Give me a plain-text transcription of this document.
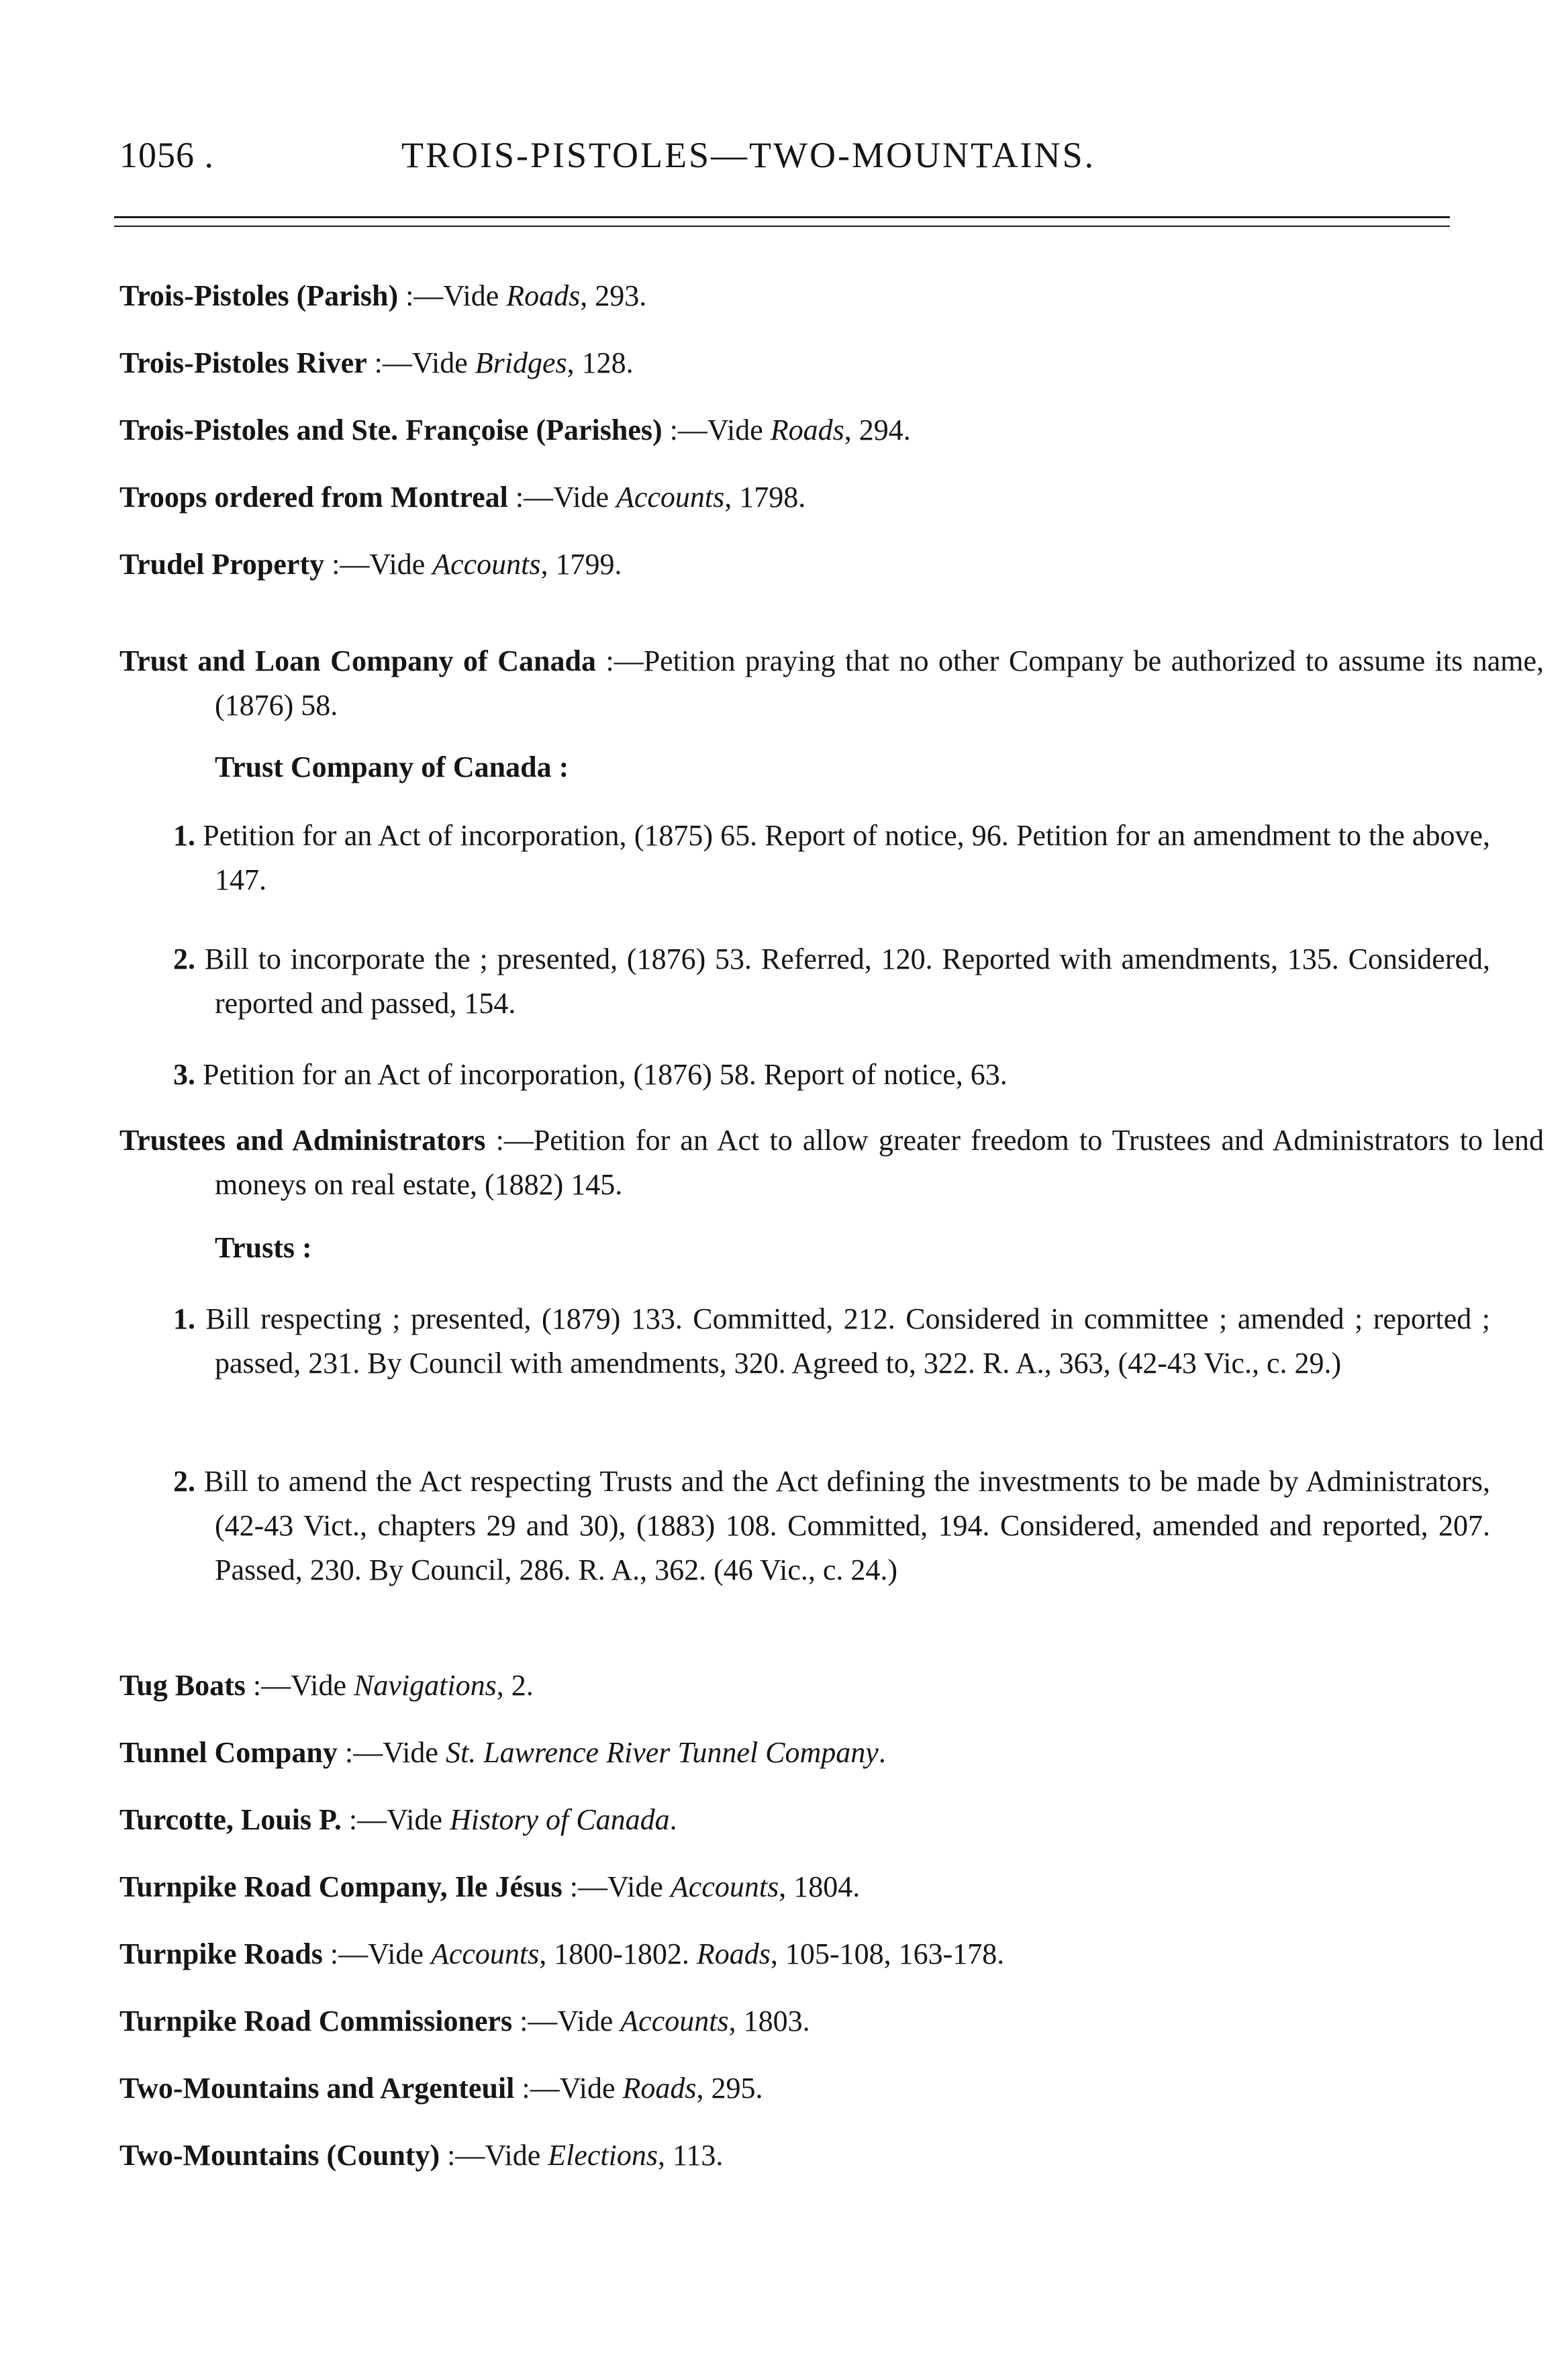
1056 .	TROIS-PISTOLES—TWO-MOUNTAINS.
Trois-Pistoles (Parish) :—Vide Roads, 293.
Trois-Pistoles River :—Vide Bridges, 128.
Trois-Pistoles and Ste. Françoise (Parishes) :—Vide Roads, 294.
Troops ordered from Montreal :—Vide Accounts, 1798.
Trudel Property :—Vide Accounts, 1799.
Trust and Loan Company of Canada :—Petition praying that no other Company be authorized to assume its name, (1876) 58.
Trust Company of Canada :
1. Petition for an Act of incorporation, (1875) 65. Report of notice, 96. Petition for an amendment to the above, 147.
2. Bill to incorporate the ; presented, (1876) 53. Referred, 120. Reported with amendments, 135. Considered, reported and passed, 154.
3. Petition for an Act of incorporation, (1876) 58. Report of notice, 63.
Trustees and Administrators :—Petition for an Act to allow greater freedom to Trustees and Administrators to lend moneys on real estate, (1882) 145.
Trusts :
1. Bill respecting ; presented, (1879) 133. Committed, 212. Considered in committee ; amended ; reported ; passed, 231. By Council with amendments, 320. Agreed to, 322. R. A., 363, (42-43 Vic., c. 29.)
2. Bill to amend the Act respecting Trusts and the Act defining the investments to be made by Administrators, (42-43 Vict., chapters 29 and 30), (1883) 108. Committed, 194. Considered, amended and reported, 207. Passed, 230. By Council, 286. R. A., 362. (46 Vic., c. 24.)
Tug Boats :—Vide Navigations, 2.
Tunnel Company :—Vide St. Lawrence River Tunnel Company.
Turcotte, Louis P. :—Vide History of Canada.
Turnpike Road Company, Ile Jésus :—Vide Accounts, 1804.
Turnpike Roads :—Vide Accounts, 1800-1802. Roads, 105-108, 163-178.
Turnpike Road Commissioners :—Vide Accounts, 1803.
Two-Mountains and Argenteuil :—Vide Roads, 295.
Two-Mountains (County) :—Vide Elections, 113.
